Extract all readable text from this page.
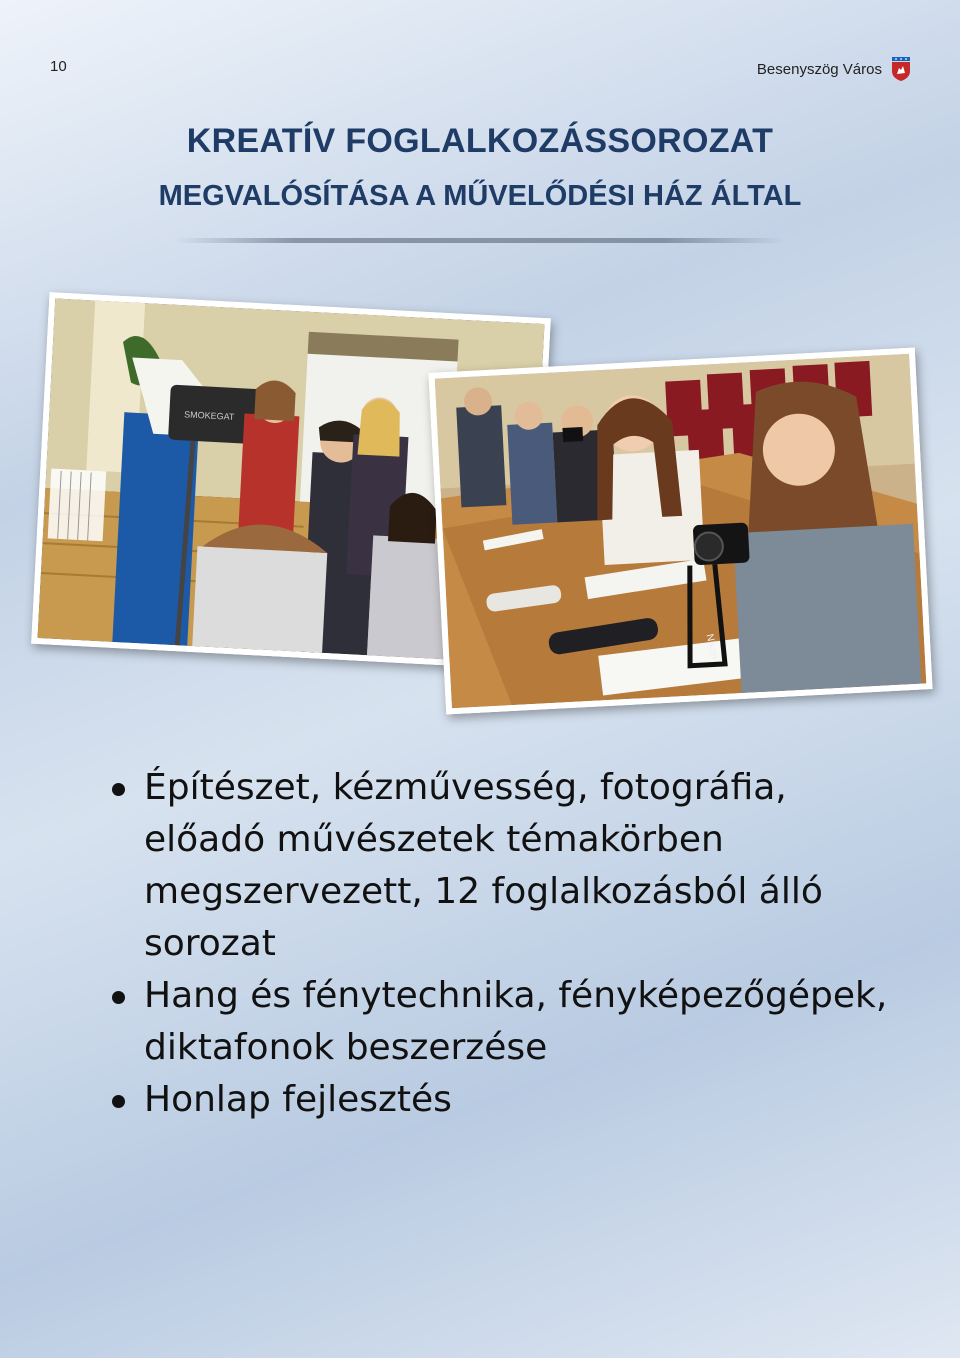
10	Besenyszög Város
KREATÍV FOGLALKOZÁSSOROZAT
MEGVALÓSÍTÁSA A MŰVELŐDÉSI HÁZ ÁLTAL
SMOKEGAT
Nikon
Építészet, kézművesség, fotográfia, előadó művészetek témakörben megszervezett, 12 foglalkozásból álló sorozat
Hang és fénytechnika, fényképezőgépek, diktafonok beszerzése
Honlap fejlesztés
